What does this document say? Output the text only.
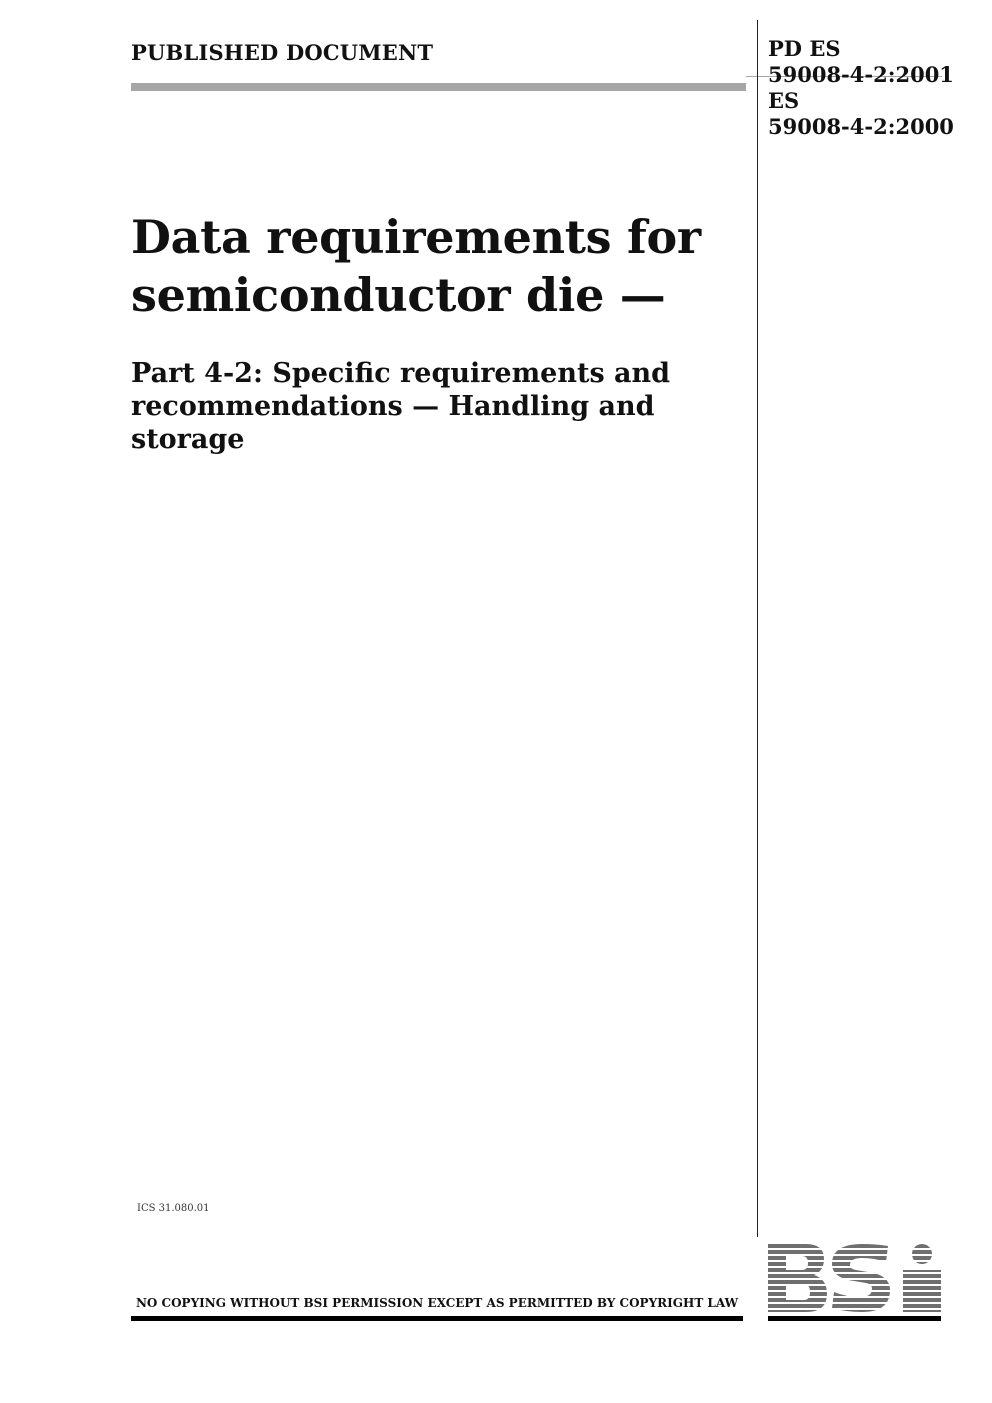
PUBLISHED DOCUMENT	PD ES
59008-4-2:2001
ES
59008-4-2:2000
Data requirements for semiconductor die —
Part 4-2: Specific requirements and recommendations — Handling and storage

ICS 31.080.01

NO COPYING WITHOUT BSI PERMISSION EXCEPT AS PERMITTED BY COPYRIGHT LAW
